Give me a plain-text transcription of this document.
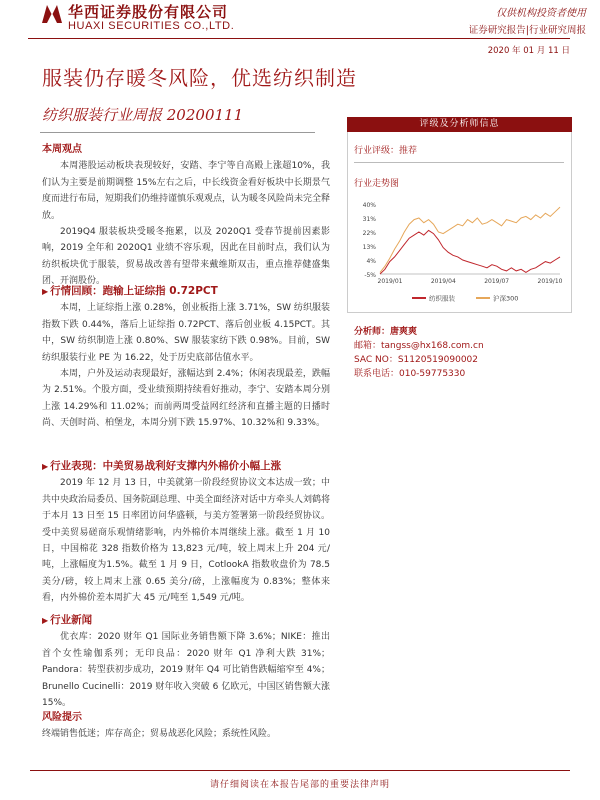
华西证券股份有限公司
HUAXI SECURITIES CO.,LTD.
仅供机构投资者使用
证券研究报告|行业研究周报
2020 年 01 月 11 日
服装仍存暖冬风险，优选纺织制造
纺织服装行业周报 20200111
本周观点

本周港股运动板块表现较好，安踏、李宁等自高殿上涨超10%，我们认为主要是前期调整 15%左右之后，中长线资金看好板块中长期景气度而进行布局，短期我们仍维持谨慎乐观观点，认为暖冬风险尚未完全释放。

2019Q4 服装板块受暖冬拖累，以及 2020Q1 受春节提前因素影响，2019 全年和 2020Q1 业绩不容乐观，因此在目前时点，我们认为纺织板块优于服装，贸易战改善有望带来戴维斯双击，重点推荐健盛集团、开润股份。

▶ 行情回顾：跑输上证综指 0.72PCT

本周，上证综指上涨 0.28%，创业板指上涨 3.71%，SW 纺织服装指数下跌 0.44%，落后上证综指 0.72PCT、落后创业板 4.15PCT。其中，SW 纺织制造上涨 0.80%、SW 服装家纺下跌 0.98%。目前，SW 纺织服装行业 PE 为 16.22，处于历史底部估值水平。

本周，户外及运动表现最好，涨幅达到 2.4%；休闲表现最差，跌幅为 2.51%。个股方面，受业绩预期持续看好推动，李宁、安踏本周分别上涨 14.29%和 11.02%；而前两周受益网红经济和直播主题的日播时尚、天创时尚、柏堡龙，本周分别下跌 15.97%、10.32%和 9.33%。

▶ 行业表现：中美贸易战利好支撑内外棉价小幅上涨

2019 年 12 月 13 日，中美就第一阶段经贸协议文本达成一致；中共中央政治局委员、国务院副总理、中美全面经济对话中方牵头人刘鹤将于本月 13 日至 15 日率团访问华盛顿，与美方签署第一阶段经贸协议。受中美贸易磋商乐观情绪影响，内外棉价本周继续上涨。截至 1 月 10 日，中国棉花 328 指数价格为 13,823 元/吨，较上周末上升 204 元/吨，上涨幅度为1.5%。截至 1 月 9 日，CotlookA 指数收盘价为 78.5 美分/磅，较上周末上涨 0.65 美分/磅，上涨幅度为 0.83%；整体来看，内外棉价差本周扩大 45 元/吨至 1,549 元/吨。

▶ 行业新闻

优衣库：2020 财年 Q1 国际业务销售额下降 3.6%；NIKE：推出首个女性瑜伽系列；无印良品：2020 财年 Q1 净利大跌 31%；Pandora：转型获初步成功，2019 财年 Q4 可比销售跌幅缩窄至 4%；Brunello Cucinelli：2019 财年收入突破 6 亿欧元，中国区销售额大涨 15%。

风险提示

终端销售低迷；库存高企；贸易战恶化风险；系统性风险。

评级及分析师信息
行业评级：推荐
行业走势图
40%
31%
22%
13%
4%
-5%
2019/01	2019/04	2019/07	2019/10
纺织服装	沪深300
分析师：唐爽爽
邮箱：tangss@hx168.com.cn
SAC NO：S1120519090002
联系电话：010-59775330
请仔细阅读在本报告尾部的重要法律声明
